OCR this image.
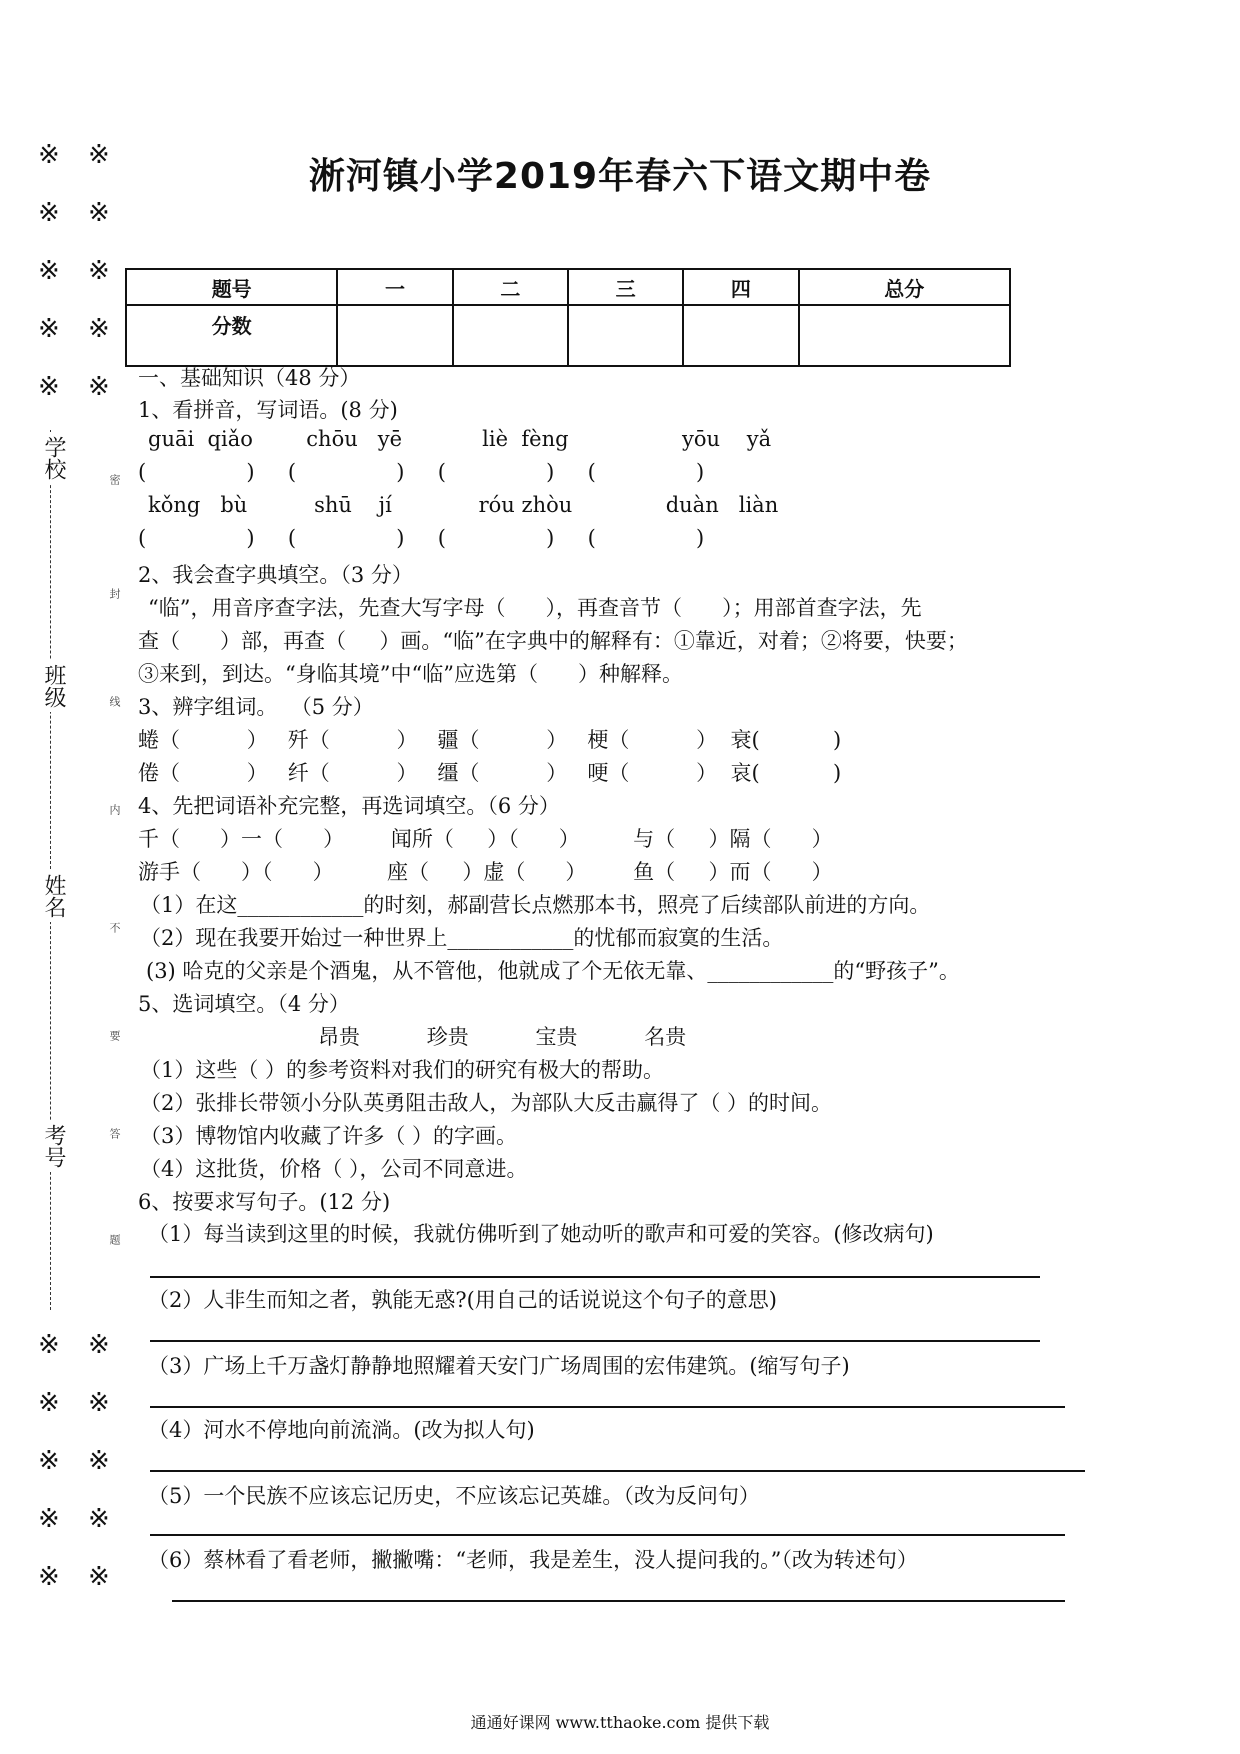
淅河镇小学2019年春六下语文期中卷
※ ※
※ ※
※ ※
※ ※
※ ※
※ ※
※ ※
※ ※
※ ※
※ ※
学校
班级
姓名
考号
密
封
线
内
不
要
答
题
题号	一	二	三	四	总分
分数					
一、基础知识（48 分）
1、看拼音，写词语。(8 分)
guāi  qiǎo        chōu   yē            liè  fèng                 yōu    yǎ
(               )     (               )     (               )     (               )
kǒng   bù          shū    jí             róu zhòu              duàn   liàn
(               )     (               )     (               )     (               )
2、我会查字典填空。（3 分）
“临”，用音序查字法，先查大写字母（      ），再查音节（      ）；用部首查字法，先
查（      ）部，再查（     ）画。“临”在字典中的解释有：①靠近，对着；②将要，快要；
③来到，到达。“身临其境”中“临”应选第（      ）种解释。
3、辨字组词。  （5 分）
蜷（          ）   歼（          ）   疆（          ）   梗（          ）  衰(           )
倦（          ）   纤（          ）   缰（          ）   哽（          ）  哀(           )
4、先把词语补充完整，再选词填空。（6 分）
千（      ）一（      ）       闻所（     ）（      ）        与（     ）隔（      ）
游手（      ）（      ）        座（     ）虚（      ）       鱼（     ）而（      ）
（1）在这____________的时刻，郝副营长点燃那本书，照亮了后续部队前进的方向。
（2）现在我要开始过一种世界上____________的忧郁而寂寞的生活。
(3) 哈克的父亲是个酒鬼，从不管他，他就成了个无依无靠、____________的“野孩子”。
5、选词填空。（4 分）
昂贵          珍贵          宝贵          名贵
（1）这些（ ）的参考资料对我们的研究有极大的帮助。
（2）张排长带领小分队英勇阻击敌人，为部队大反击赢得了（ ）的时间。
（3）博物馆内收藏了许多（ ）的字画。
（4）这批货，价格（ ），公司不同意进。
6、按要求写句子。(12 分)
（1）每当读到这里的时候，我就仿佛听到了她动听的歌声和可爱的笑容。(修改病句)
（2）人非生而知之者，孰能无惑?(用自己的话说说这个句子的意思)
（3）广场上千万盏灯静静地照耀着天安门广场周围的宏伟建筑。(缩写句子)
（4）河水不停地向前流淌。(改为拟人句)
（5）一个民族不应该忘记历史，不应该忘记英雄。（改为反问句）
（6）蔡林看了看老师，撇撇嘴：“老师，我是差生，没人提问我的。”（改为转述句）
通通好课网 www.tthaoke.com 提供下载
